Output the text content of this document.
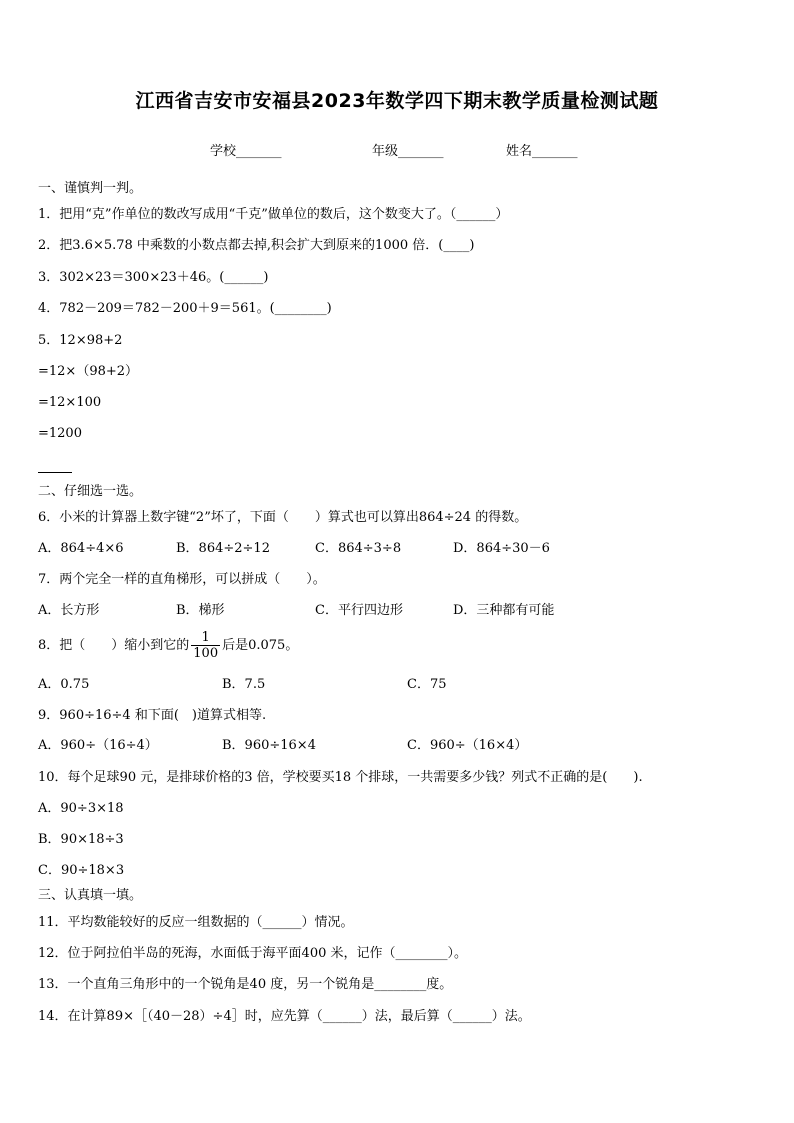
江西省吉安市安福县2023年数学四下期末教学质量检测试题
学校_______	年级_______	姓名_______
一、谨慎判一判。
1．把用“克”作单位的数改写成用“千克”做单位的数后，这个数变大了。（______）
2．把3.6×5.78 中乘数的小数点都去掉,积会扩大到原来的1000 倍．(____)
3．302×23＝300×23＋46。(______)
4．782－209＝782－200＋9＝561。(________)
5．12×98+2
=12×（98+2）
=12×100
=1200
二、仔细选一选。
6．小米的计算器上数字键“2”坏了，下面（　　）算式也可以算出864÷24 的得数。
A．864÷4×6	B．864÷2÷12	C．864÷3÷8	D．864÷30－6
7．两个完全一样的直角梯形，可以拼成（　　）。
A．长方形	B．梯形	C．平行四边形	D．三种都有可能
8．把（　　）缩小到它的 $\frac{1}{100}$ 后是0.075。
A．0.75	B．7.5	C．75
9．960÷16÷4 和下面(　)道算式相等.
A．960÷（16÷4）	B．960÷16×4	C．960÷（16×4）
10．每个足球90 元，是排球价格的3 倍，学校要买18 个排球，一共需要多少钱？列式不正确的是(　　).
A．90÷3×18
B．90×18÷3
C．90÷18×3
三、认真填一填。
11．平均数能较好的反应一组数据的（______）情况。
12．位于阿拉伯半岛的死海，水面低于海平面400 米，记作（________）。
13．一个直角三角形中的一个锐角是40 度，另一个锐角是________度。
14．在计算89×［（40－28）÷4］时，应先算（______）法，最后算（______）法。
